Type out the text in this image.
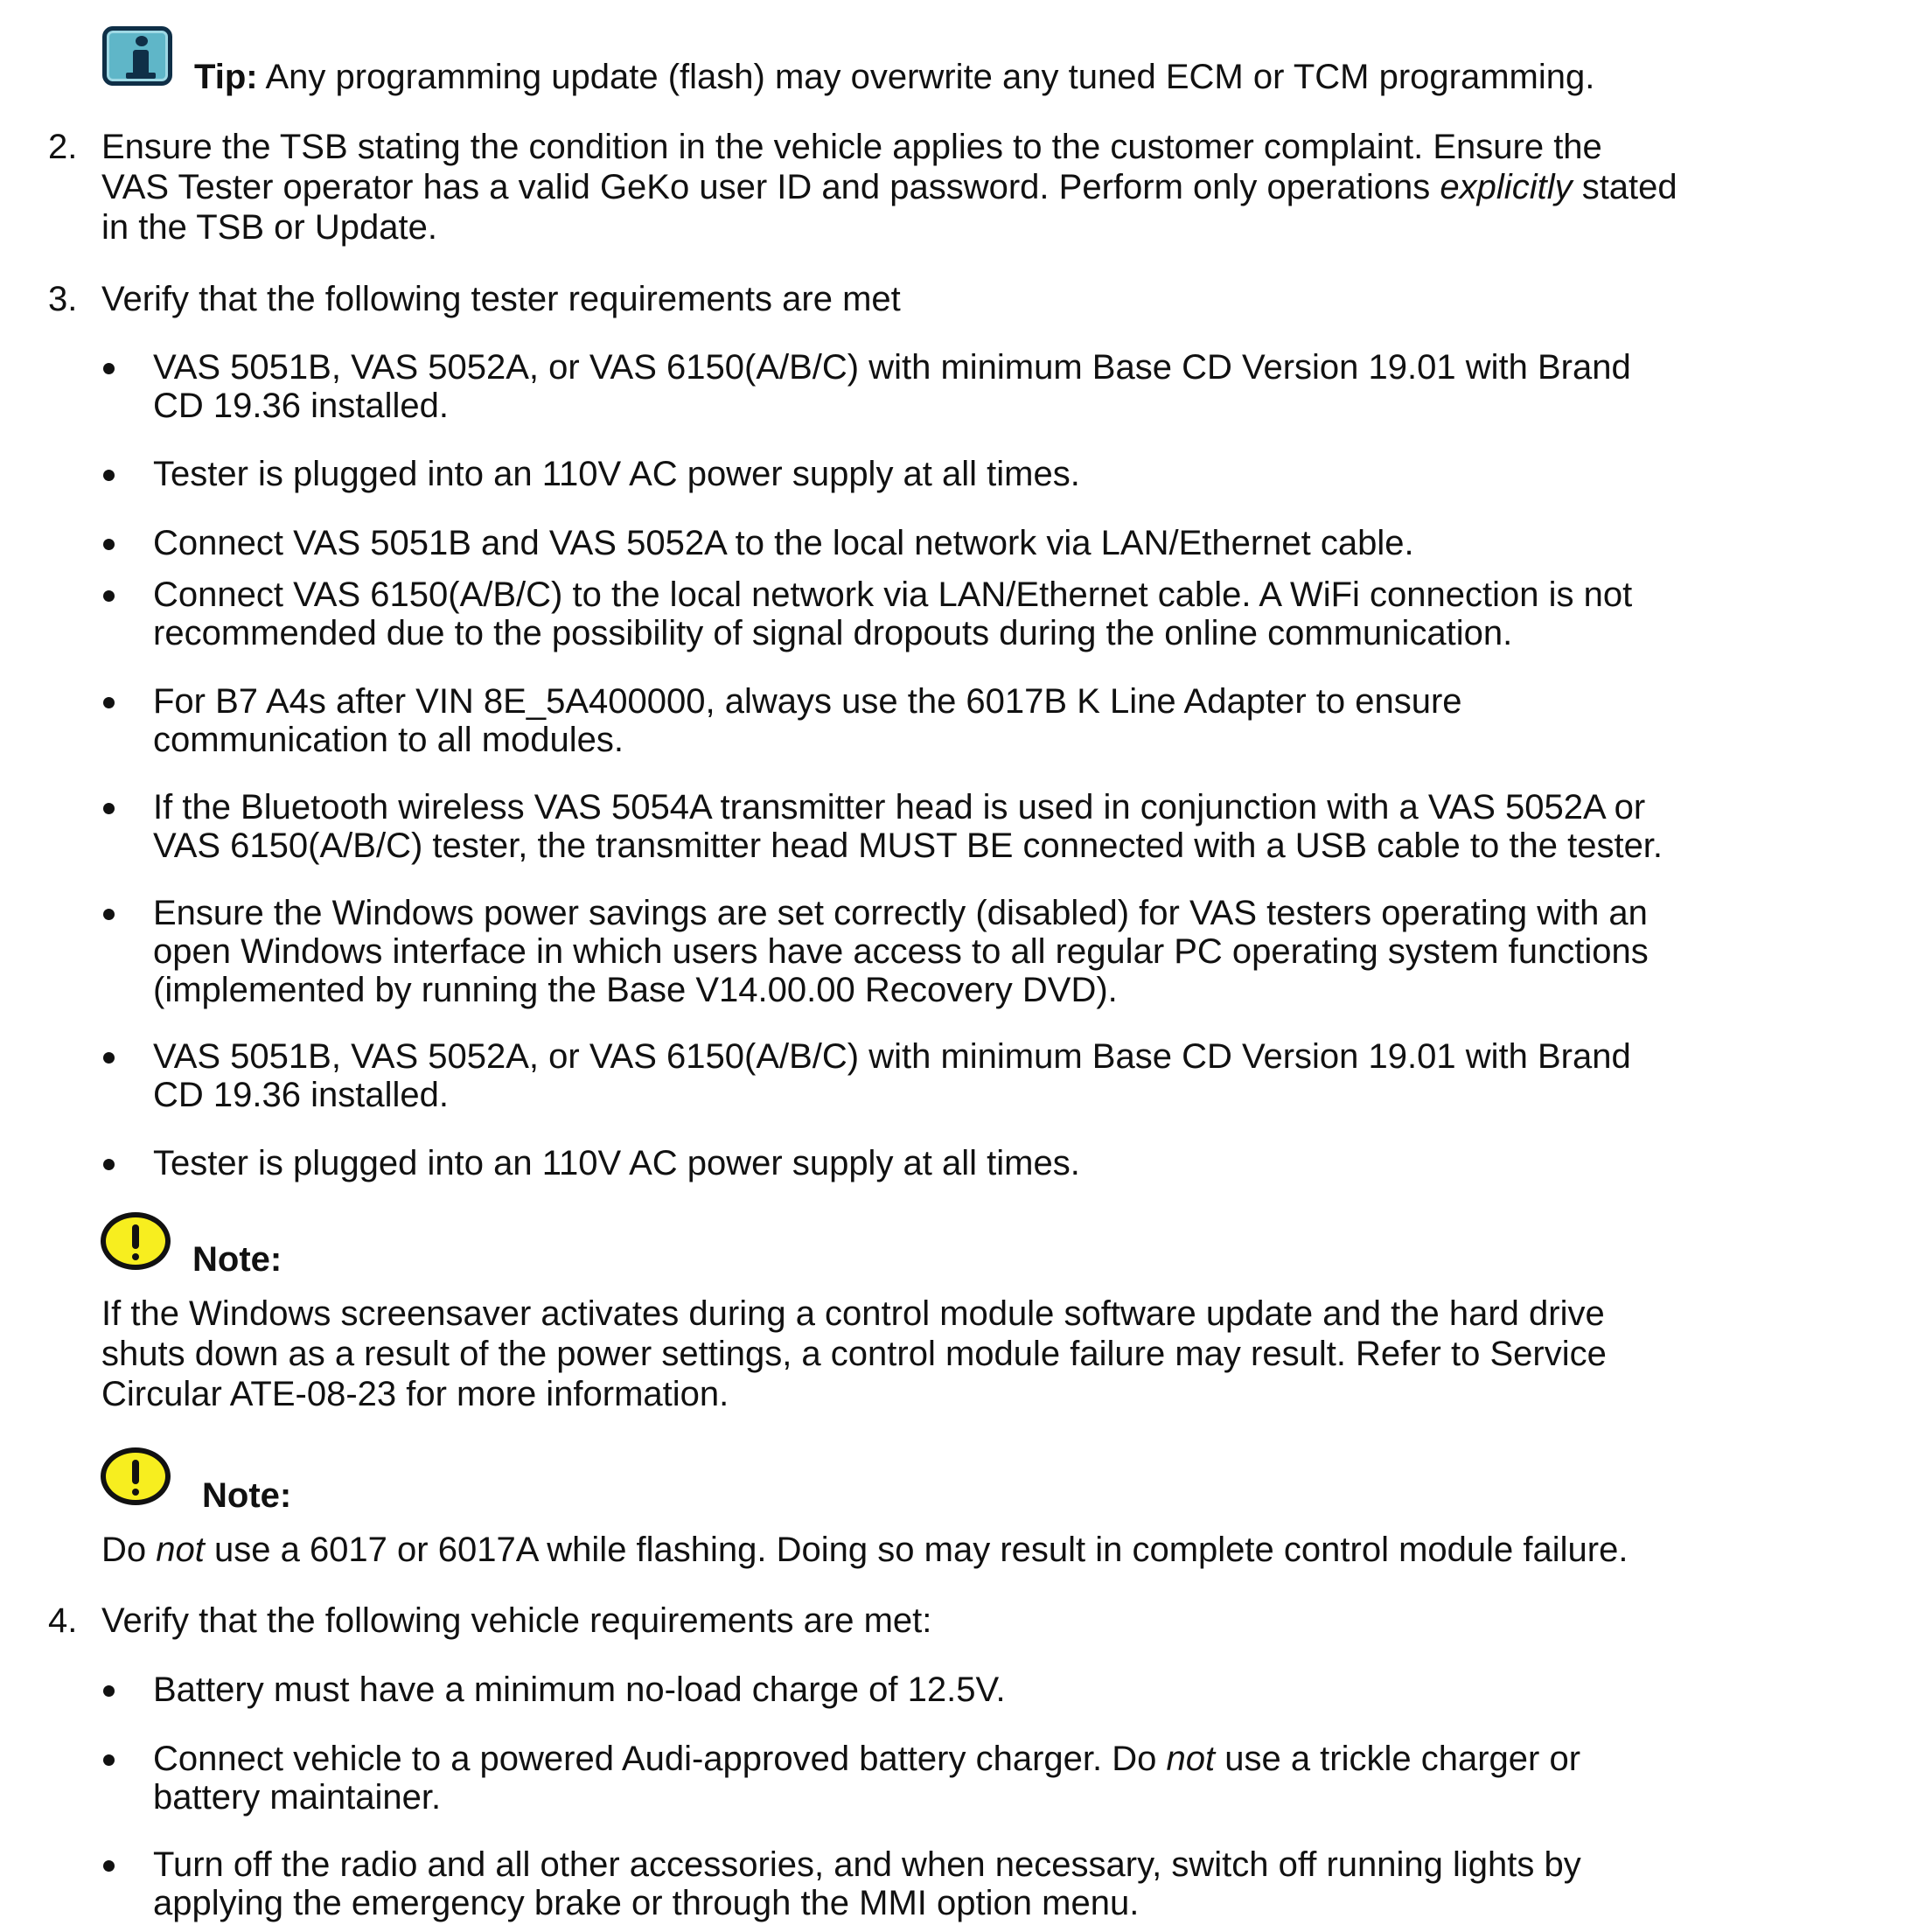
Tip: Any programming update (flash) may overwrite any tuned ECM or TCM programming.
2. Ensure the TSB stating the condition in the vehicle applies to the customer complaint. Ensure the
VAS Tester operator has a valid GeKo user ID and password. Perform only operations explicitly stated
in the TSB or Update.
3. Verify that the following tester requirements are met
VAS 5051B, VAS 5052A, or VAS 6150(A/B/C) with minimum Base CD Version 19.01 with Brand
CD 19.36 installed.
Tester is plugged into an 110V AC power supply at all times.
Connect VAS 5051B and VAS 5052A to the local network via LAN/Ethernet cable.
Connect VAS 6150(A/B/C) to the local network via LAN/Ethernet cable. A WiFi connection is not
recommended due to the possibility of signal dropouts during the online communication.
For B7 A4s after VIN 8E_5A400000, always use the 6017B K Line Adapter to ensure
communication to all modules.
If the Bluetooth wireless VAS 5054A transmitter head is used in conjunction with a VAS 5052A or
VAS 6150(A/B/C) tester, the transmitter head MUST BE connected with a USB cable to the tester.
Ensure the Windows power savings are set correctly (disabled) for VAS testers operating with an
open Windows interface in which users have access to all regular PC operating system functions
(implemented by running the Base V14.00.00 Recovery DVD).
VAS 5051B, VAS 5052A, or VAS 6150(A/B/C) with minimum Base CD Version 19.01 with Brand
CD 19.36 installed.
Tester is plugged into an 110V AC power supply at all times.
Note:
If the Windows screensaver activates during a control module software update and the hard drive
shuts down as a result of the power settings, a control module failure may result. Refer to Service
Circular ATE-08-23 for more information.
Note:
Do not use a 6017 or 6017A while flashing. Doing so may result in complete control module failure.
4. Verify that the following vehicle requirements are met:
Battery must have a minimum no-load charge of 12.5V.
Connect vehicle to a powered Audi-approved battery charger. Do not use a trickle charger or
battery maintainer.
Turn off the radio and all other accessories, and when necessary, switch off running lights by
applying the emergency brake or through the MMI option menu.
